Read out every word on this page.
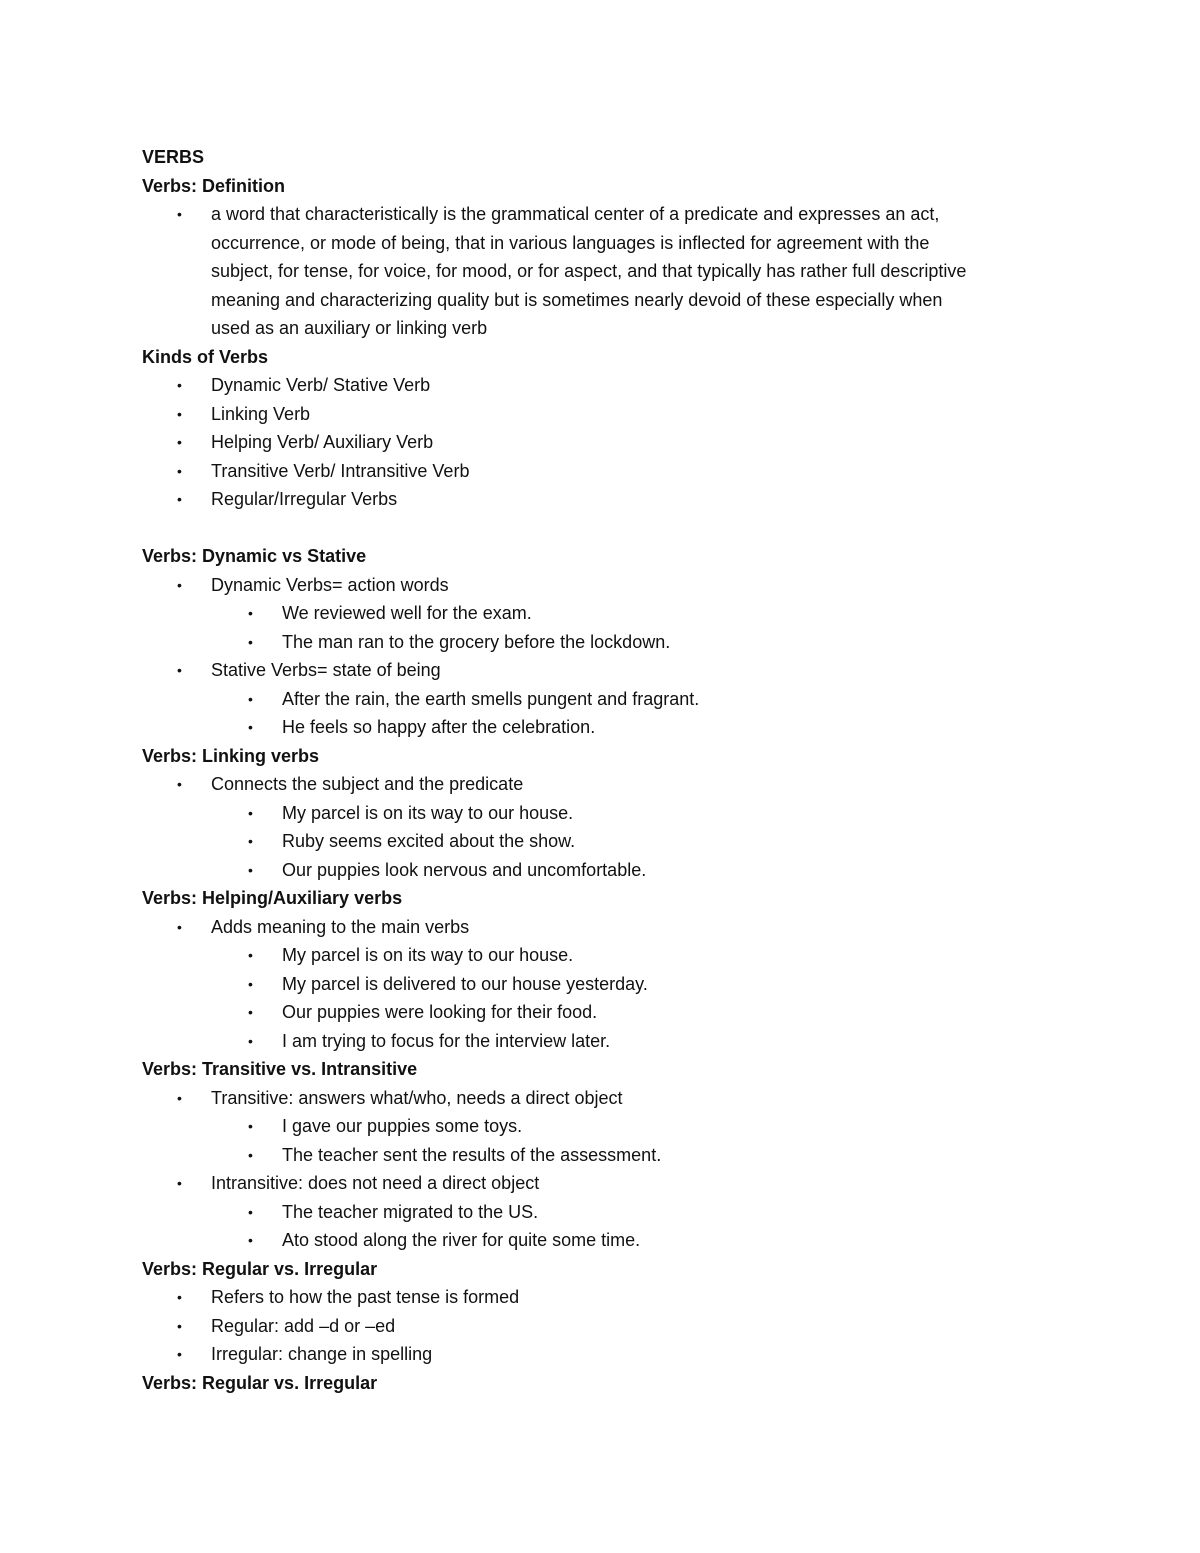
VERBS
Verbs: Definition
• a word that characteristically is the grammatical center of a predicate and expresses an act,
occurrence, or mode of being, that in various languages is inflected for agreement with the
subject, for tense, for voice, for mood, or for aspect, and that typically has rather full descriptive
meaning and characterizing quality but is sometimes nearly devoid of these especially when
used as an auxiliary or linking verb
Kinds of Verbs
• Dynamic Verb/ Stative Verb
• Linking Verb
• Helping Verb/ Auxiliary Verb
• Transitive Verb/ Intransitive Verb
• Regular/Irregular Verbs
Verbs: Dynamic vs Stative
• Dynamic Verbs= action words
• We reviewed well for the exam.
• The man ran to the grocery before the lockdown.
• Stative Verbs= state of being
• After the rain, the earth smells pungent and fragrant.
• He feels so happy after the celebration.
Verbs: Linking verbs
• Connects the subject and the predicate
• My parcel is on its way to our house.
• Ruby seems excited about the show.
• Our puppies look nervous and uncomfortable.
Verbs: Helping/Auxiliary verbs
• Adds meaning to the main verbs
• My parcel is on its way to our house.
• My parcel is delivered to our house yesterday.
• Our puppies were looking for their food.
• I am trying to focus for the interview later.
Verbs: Transitive vs. Intransitive
• Transitive: answers what/who, needs a direct object
• I gave our puppies some toys.
• The teacher sent the results of the assessment.
• Intransitive: does not need a direct object
• The teacher migrated to the US.
• Ato stood along the river for quite some time.
Verbs: Regular vs. Irregular
• Refers to how the past tense is formed
• Regular: add –d or –ed
• Irregular: change in spelling
Verbs: Regular vs. Irregular
